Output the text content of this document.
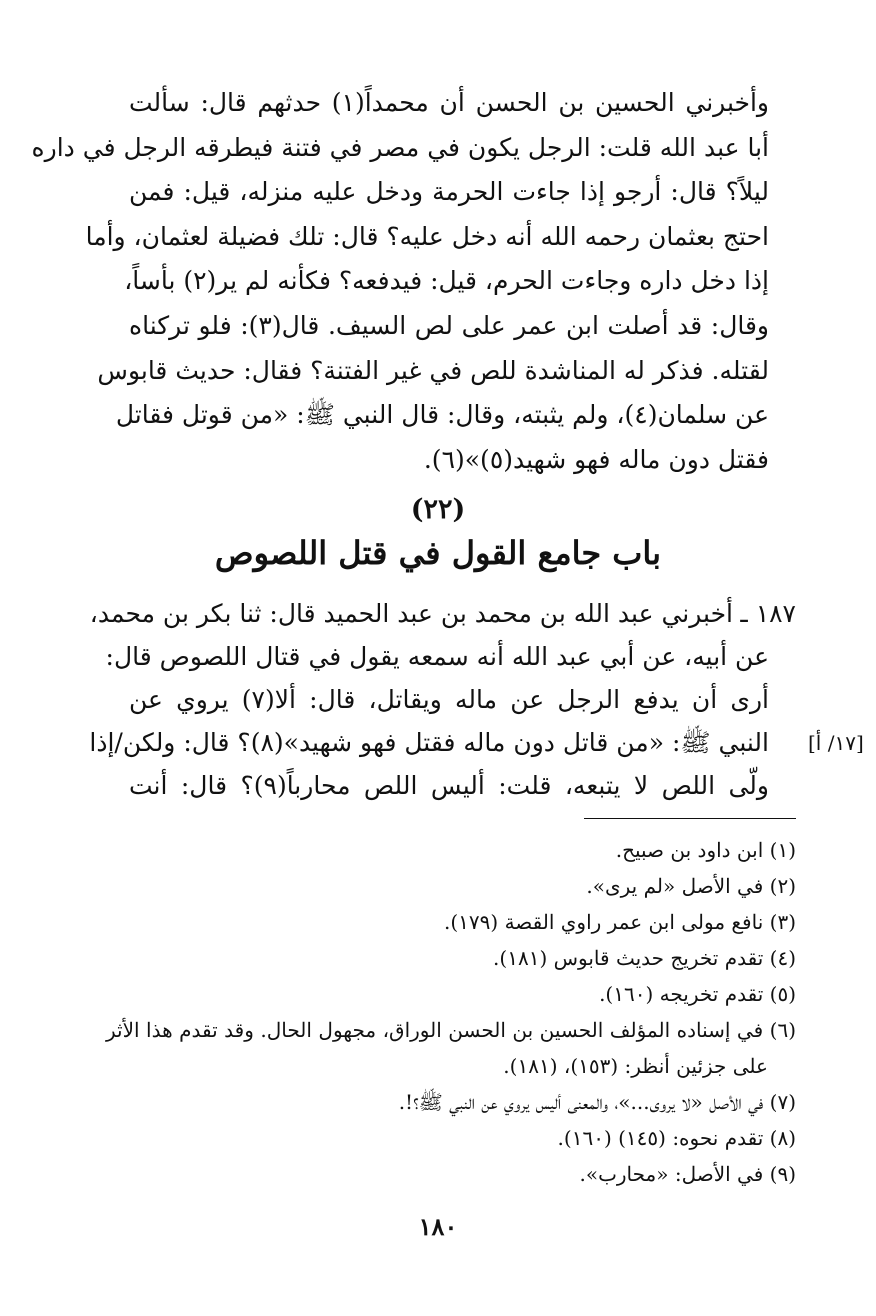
وأخبرني الحسين بن الحسن أن محمداً(١) حدثهم قال: سألت
أبا عبد الله قلت: الرجل يكون في مصر في فتنة فيطرقه الرجل في داره
ليلاً؟ قال: أرجو إذا جاءت الحرمة ودخل عليه منزله، قيل: فمن
احتج بعثمان رحمه الله أنه دخل عليه؟ قال: تلك فضيلة لعثمان، وأما
إذا دخل داره وجاءت الحرم، قيل: فيدفعه؟ فكأنه لم ير(٢) بأساً،
وقال: قد أصلت ابن عمر على لص السيف. قال(٣): فلو تركناه
لقتله. فذكر له المناشدة للص في غير الفتنة؟ فقال: حديث قابوس
عن سلمان(٤)، ولم يثبته، وقال: قال النبي ﷺ: «من قوتل فقاتل
فقتل دون ماله فهو شهيد(٥)»(٦).
(٢٢)
باب جامع القول في قتل اللصوص
١٨٧ ـ
[١٧/ أ]
أخبرني عبد الله بن محمد بن عبد الحميد قال: ثنا بكر بن محمد،
عن أبيه، عن أبي عبد الله أنه سمعه يقول في قتال اللصوص قال:
أرى أن يدفع الرجل عن ماله ويقاتل، قال: ألا(٧) يروي عن
النبي ﷺ: «من قاتل دون ماله فقتل فهو شهيد»(٨)؟ قال: ولكن/إذا
ولّى اللص لا يتبعه، قلت: أليس اللص محارباً(٩)؟ قال: أنت
(١) ابن داود بن صبيح.
(٢) في الأصل «لم يرى».
(٣) نافع مولى ابن عمر راوي القصة (١٧٩).
(٤) تقدم تخريج حديث قابوس (١٨١).
(٥) تقدم تخريجه (١٦٠).
(٦) في إسناده المؤلف الحسين بن الحسن الوراق، مجهول الحال. وقد تقدم هذا الأثر
على جزئين أنظر: (١٥٣)، (١٨١).
(٧) في الأصل «لا يروى...»، والمعنى أليس يروي عن النبي ﷺ؟!.
(٨) تقدم نحوه: (١٤٥) (١٦٠).
(٩) في الأصل: «محارب».
١٨٠
